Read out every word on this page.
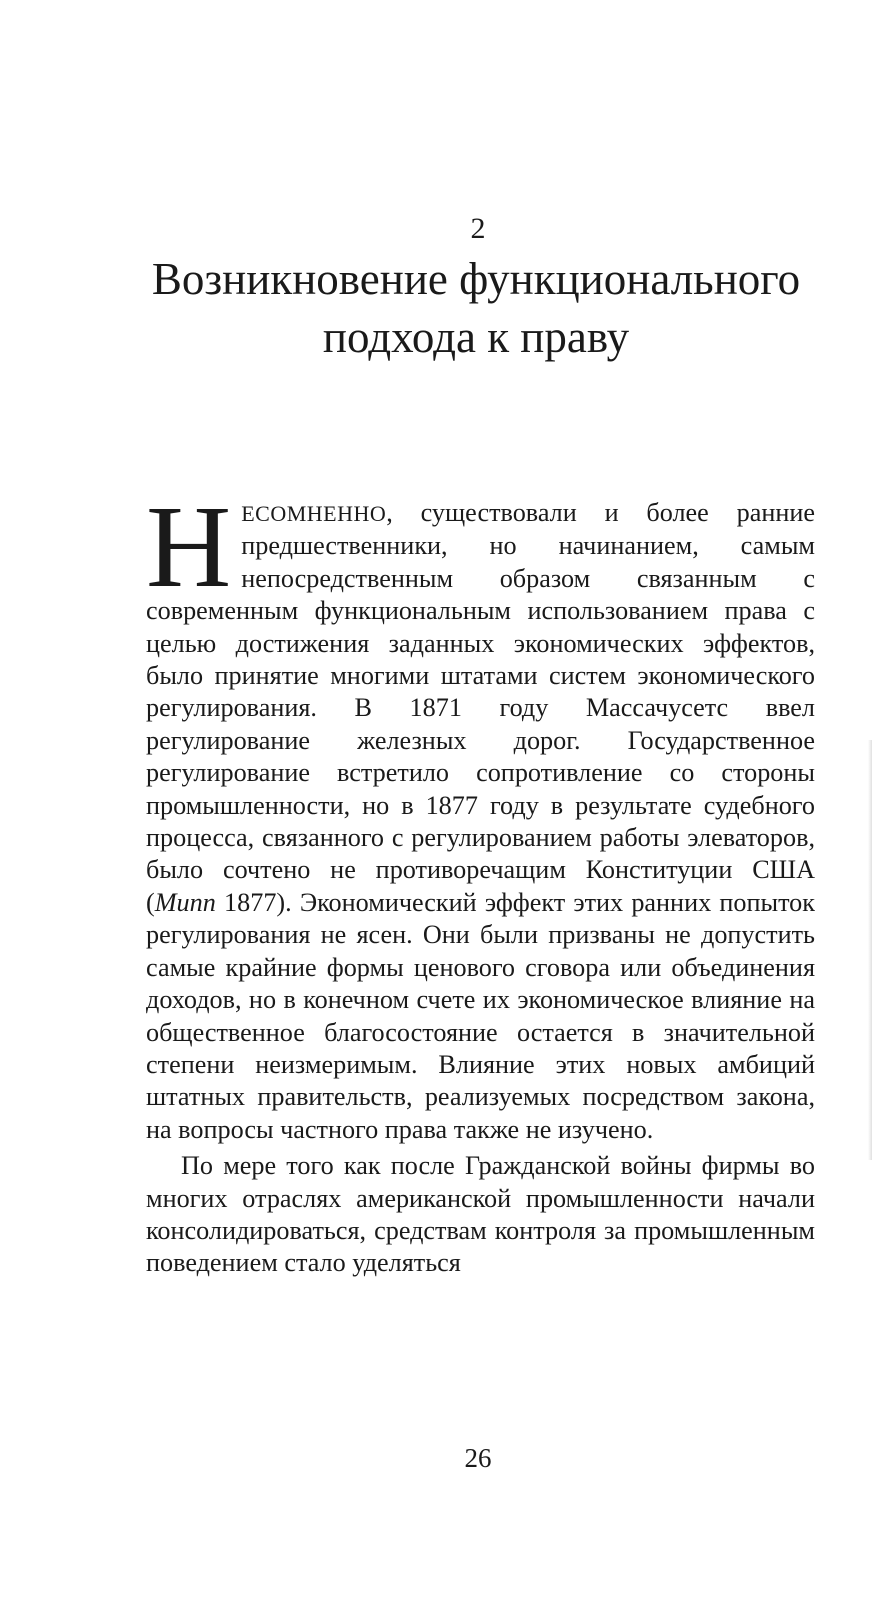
2
Возникновение функционального
подхода к праву

НЕСОМНЕННО, существовали и более ранние предшественники, но начинанием, самым непосредственным образом связанным с современным функциональным использованием права с целью достижения заданных экономических эффектов, было принятие многими штатами систем экономического регулирования. В 1871 году Массачусетс ввел регулирование железных дорог. Государственное регулирование встретило сопротивление со стороны промышленности, но в 1877 году в результате судебного процесса, связанного с регулированием работы элеваторов, было сочтено не противоречащим Конституции США (Munn 1877). Экономический эффект этих ранних попыток регулирования не ясен. Они были призваны не допустить самые крайние формы ценового сговора или объединения доходов, но в конечном счете их экономическое влияние на общественное благосостояние остается в значительной степени неизмеримым. Влияние этих новых амбиций штатных правительств, реализуемых посредством закона, на вопросы частного права также не изучено.

По мере того как после Гражданской войны фирмы во многих отраслях американской промышленности начали консолидироваться, средствам контроля за промышленным поведением стало уделяться

26
